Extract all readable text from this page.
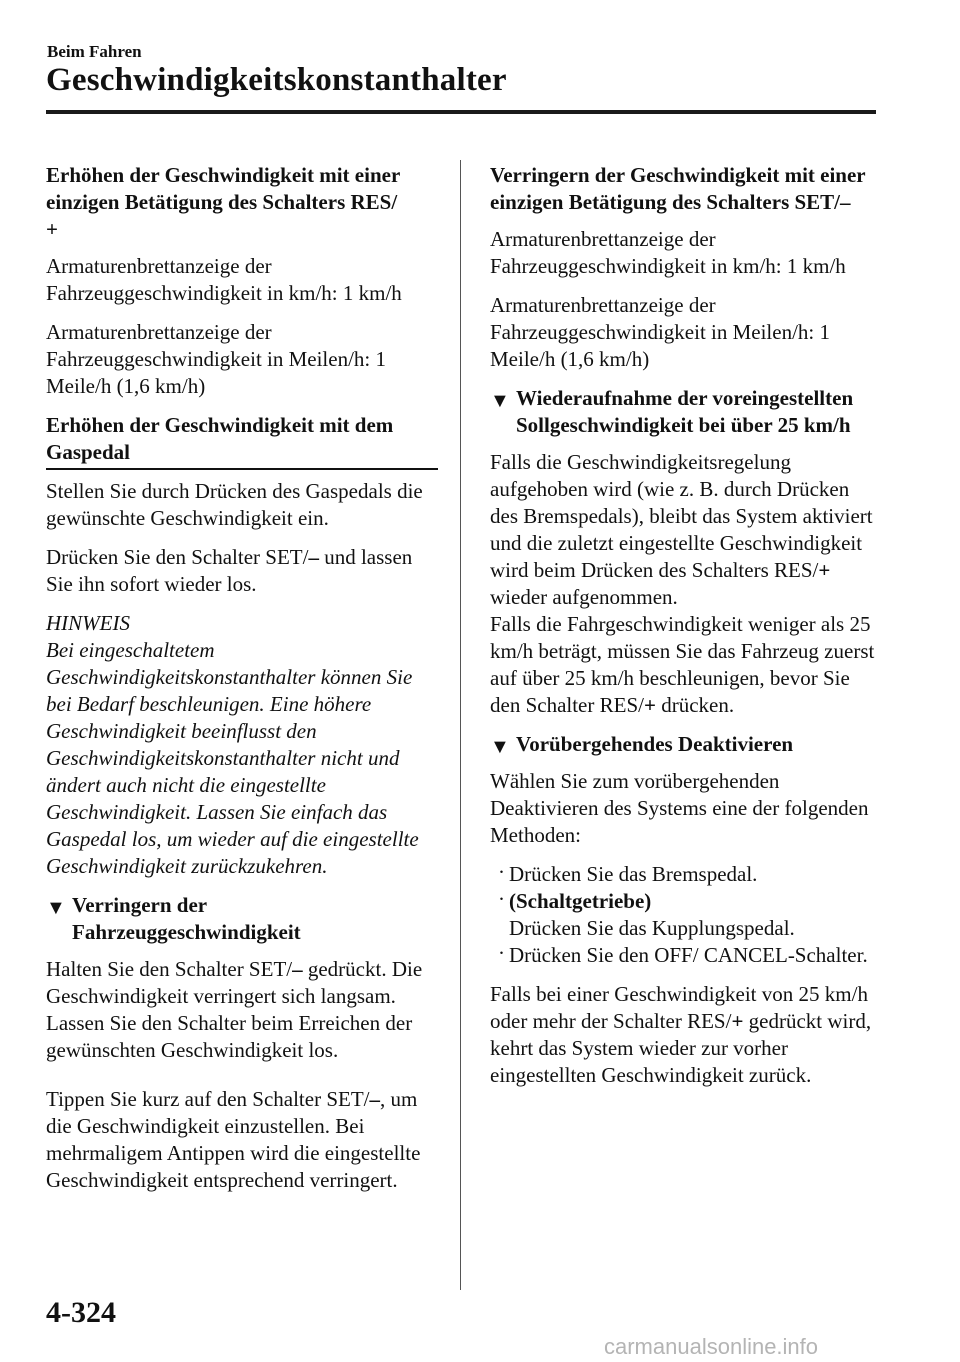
Beim Fahren
Geschwindigkeitskonstanthalter

Erhöhen der Geschwindigkeit mit einer einzigen Betätigung des Schalters RES/
+

Armaturenbrettanzeige der Fahrzeuggeschwindigkeit in km/h: 1 km/h

Armaturenbrettanzeige der Fahrzeuggeschwindigkeit in Meilen/h: 1 Meile/h (1,6 km/h)

Erhöhen der Geschwindigkeit mit dem Gaspedal

Stellen Sie durch Drücken des Gaspedals die gewünschte Geschwindigkeit ein.

Drücken Sie den Schalter SET/– und lassen Sie ihn sofort wieder los.

HINWEIS

Bei eingeschaltetem Geschwindigkeitskonstanthalter können Sie bei Bedarf beschleunigen. Eine höhere Geschwindigkeit beeinflusst den Geschwindigkeitskonstanthalter nicht und ändert auch nicht die eingestellte Geschwindigkeit. Lassen Sie einfach das Gaspedal los, um wieder auf die eingestellte Geschwindigkeit zurückzukehren.

▼ Verringern der Fahrzeuggeschwindigkeit

Halten Sie den Schalter SET/– gedrückt. Die Geschwindigkeit verringert sich langsam.

Lassen Sie den Schalter beim Erreichen der gewünschten Geschwindigkeit los.

Tippen Sie kurz auf den Schalter SET/–, um die Geschwindigkeit einzustellen. Bei mehrmaligem Antippen wird die eingestellte Geschwindigkeit entsprechend verringert.

Verringern der Geschwindigkeit mit einer einzigen Betätigung des Schalters SET/–

Armaturenbrettanzeige der Fahrzeuggeschwindigkeit in km/h: 1 km/h

Armaturenbrettanzeige der Fahrzeuggeschwindigkeit in Meilen/h: 1 Meile/h (1,6 km/h)

▼ Wiederaufnahme der voreingestellten Sollgeschwindigkeit bei über 25 km/h

Falls die Geschwindigkeitsregelung aufgehoben wird (wie z. B. durch Drücken des Bremspedals), bleibt das System aktiviert und die zuletzt eingestellte Geschwindigkeit wird beim Drücken des Schalters RES/+ wieder aufgenommen.

Falls die Fahrgeschwindigkeit weniger als 25 km/h beträgt, müssen Sie das Fahrzeug zuerst auf über 25 km/h beschleunigen, bevor Sie den Schalter RES/+ drücken.

▼ Vorübergehendes Deaktivieren

Wählen Sie zum vorübergehenden Deaktivieren des Systems eine der folgenden Methoden:

· Drücken Sie das Bremspedal.

· (Schaltgetriebe)
Drücken Sie das Kupplungspedal.

· Drücken Sie den OFF/ CANCEL-Schalter.

Falls bei einer Geschwindigkeit von 25 km/h oder mehr der Schalter RES/+ gedrückt wird, kehrt das System wieder zur vorher eingestellten Geschwindigkeit zurück.

4-324
carmanualsonline.info
